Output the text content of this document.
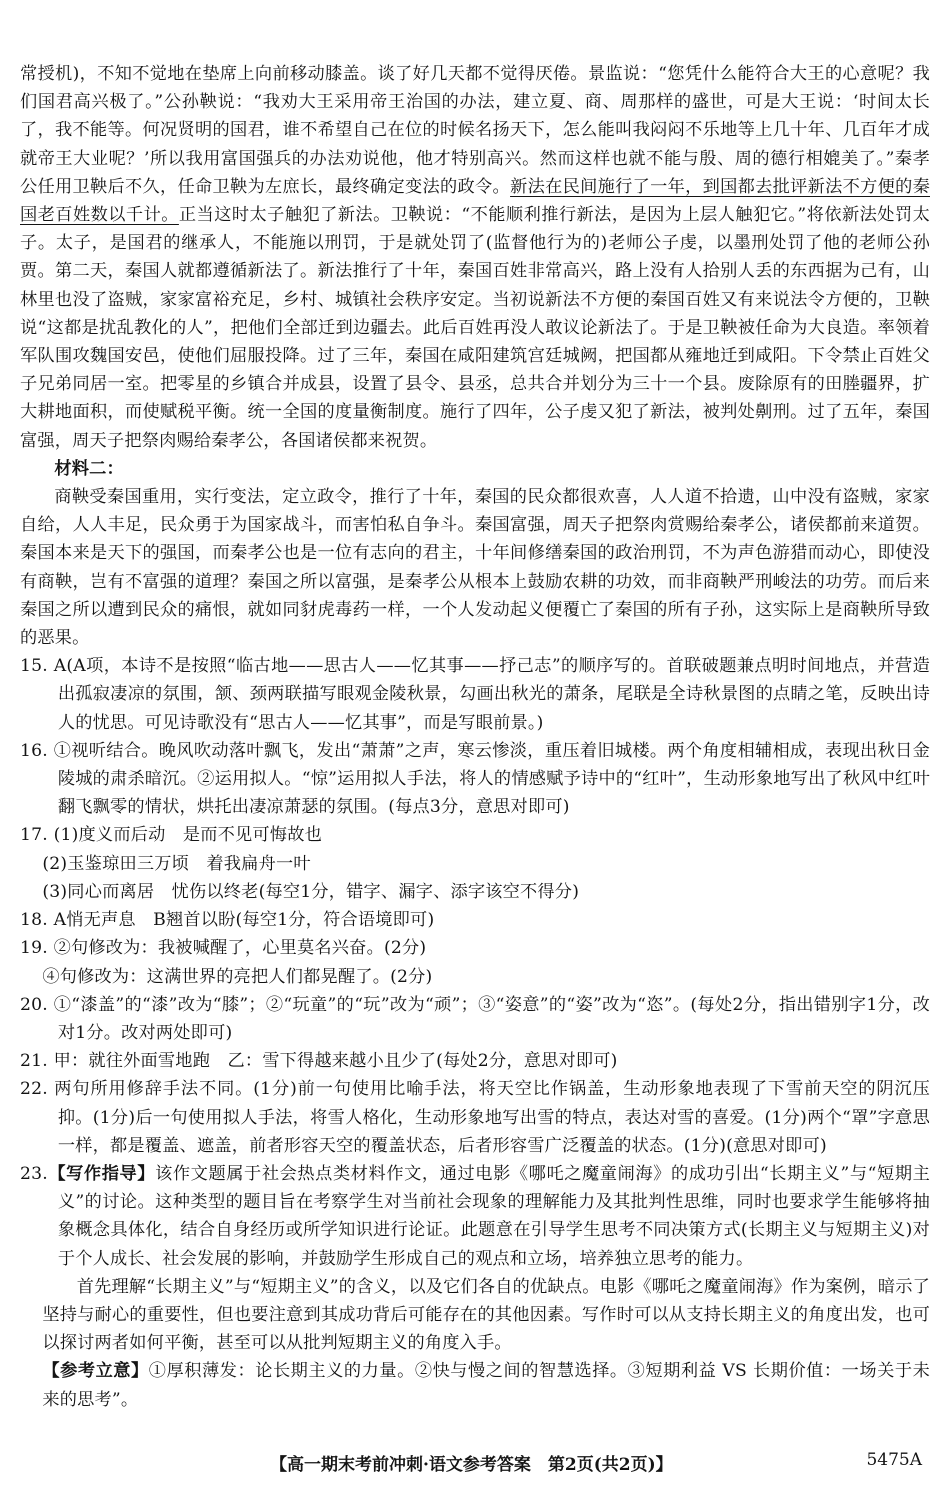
常授机)，不知不觉地在垫席上向前移动膝盖。谈了好几天都不觉得厌倦。景监说：“您凭什么能符合大王的心意呢？我们国君高兴极了。”公孙鞅说：“我劝大王采用帝王治国的办法，建立夏、商、周那样的盛世，可是大王说：‘时间太长了，我不能等。何况贤明的国君，谁不希望自己在位的时候名扬天下，怎么能叫我闷闷不乐地等上几十年、几百年才成就帝王大业呢？’所以我用富国强兵的办法劝说他，他才特别高兴。然而这样也就不能与殷、周的德行相媲美了。”秦孝公任用卫鞅后不久，任命卫鞅为左庶长，最终确定变法的政令。新法在民间施行了一年，到国都去批评新法不方便的秦国老百姓数以千计。正当这时太子触犯了新法。卫鞅说：“不能顺利推行新法，是因为上层人触犯它。”将依新法处罚太子。太子，是国君的继承人，不能施以刑罚，于是就处罚了(监督他行为的)老师公子虔，以墨刑处罚了他的老师公孙贾。第二天，秦国人就都遵循新法了。新法推行了十年，秦国百姓非常高兴，路上没有人拾别人丢的东西据为己有，山林里也没了盗贼，家家富裕充足，乡村、城镇社会秩序安定。当初说新法不方便的秦国百姓又有来说法令方便的，卫鞅说“这都是扰乱教化的人”，把他们全部迁到边疆去。此后百姓再没人敢议论新法了。于是卫鞅被任命为大良造。率领着军队围攻魏国安邑，使他们屈服投降。过了三年，秦国在咸阳建筑宫廷城阙，把国都从雍地迁到咸阳。下令禁止百姓父子兄弟同居一室。把零星的乡镇合并成县，设置了县令、县丞，总共合并划分为三十一个县。废除原有的田塍疆界，扩大耕地面积，而使赋税平衡。统一全国的度量衡制度。施行了四年，公子虔又犯了新法，被判处劓刑。过了五年，秦国富强，周天子把祭肉赐给秦孝公，各国诸侯都来祝贺。

材料二：

商鞅受秦国重用，实行变法，定立政令，推行了十年，秦国的民众都很欢喜，人人道不拾遗，山中没有盗贼，家家自给，人人丰足，民众勇于为国家战斗，而害怕私自争斗。秦国富强，周天子把祭肉赏赐给秦孝公，诸侯都前来道贺。秦国本来是天下的强国，而秦孝公也是一位有志向的君主，十年间修缮秦国的政治刑罚，不为声色游猎而动心，即使没有商鞅，岂有不富强的道理？秦国之所以富强，是秦孝公从根本上鼓励农耕的功效，而非商鞅严刑峻法的功劳。而后来秦国之所以遭到民众的痛恨，就如同豺虎毒药一样，一个人发动起义便覆亡了秦国的所有子孙，这实际上是商鞅所导致的恶果。

15. A(A项，本诗不是按照“临古地——思古人——忆其事——抒己志”的顺序写的。首联破题兼点明时间地点，并营造出孤寂凄凉的氛围，颔、颈两联描写眼观金陵秋景，勾画出秋光的萧条，尾联是全诗秋景图的点睛之笔，反映出诗人的忧思。可见诗歌没有“思古人——忆其事”，而是写眼前景。)

16. ①视听结合。晚风吹动落叶飘飞，发出“萧萧”之声，寒云惨淡，重压着旧城楼。两个角度相辅相成，表现出秋日金陵城的肃杀暗沉。②运用拟人。“惊”运用拟人手法，将人的情感赋予诗中的“红叶”，生动形象地写出了秋风中红叶翻飞飘零的情状，烘托出凄凉萧瑟的氛围。(每点3分，意思对即可)

17. (1)度义而后动　是而不见可悔故也

(2)玉鉴琼田三万顷　着我扁舟一叶

(3)同心而离居　忧伤以终老(每空1分，错字、漏字、添字该空不得分)

18. A悄无声息　B翘首以盼(每空1分，符合语境即可)

19. ②句修改为：我被喊醒了，心里莫名兴奋。(2分)

④句修改为：这满世界的亮把人们都晃醒了。(2分)

20. ①“漆盖”的“漆”改为“膝”；②“玩童”的“玩”改为“顽”；③“姿意”的“姿”改为“恣”。(每处2分，指出错别字1分，改对1分。改对两处即可)

21. 甲：就往外面雪地跑　乙：雪下得越来越小且少了(每处2分，意思对即可)

22. 两句所用修辞手法不同。(1分)前一句使用比喻手法，将天空比作锅盖，生动形象地表现了下雪前天空的阴沉压抑。(1分)后一句使用拟人手法，将雪人格化，生动形象地写出雪的特点，表达对雪的喜爱。(1分)两个“罩”字意思一样，都是覆盖、遮盖，前者形容天空的覆盖状态，后者形容雪广泛覆盖的状态。(1分)(意思对即可)

23.【写作指导】该作文题属于社会热点类材料作文，通过电影《哪吒之魔童闹海》的成功引出“长期主义”与“短期主义”的讨论。这种类型的题目旨在考察学生对当前社会现象的理解能力及其批判性思维，同时也要求学生能够将抽象概念具体化，结合自身经历或所学知识进行论证。此题意在引导学生思考不同决策方式(长期主义与短期主义)对于个人成长、社会发展的影响，并鼓励学生形成自己的观点和立场，培养独立思考的能力。

首先理解“长期主义”与“短期主义”的含义，以及它们各自的优缺点。电影《哪吒之魔童闹海》作为案例，暗示了坚持与耐心的重要性，但也要注意到其成功背后可能存在的其他因素。写作时可以从支持长期主义的角度出发，也可以探讨两者如何平衡，甚至可以从批判短期主义的角度入手。

【参考立意】①厚积薄发：论长期主义的力量。②快与慢之间的智慧选择。③短期利益 VS 长期价值：一场关于未来的思考”。

【高一期末考前冲刺·语文参考答案　第2页(共2页)】	5475A
